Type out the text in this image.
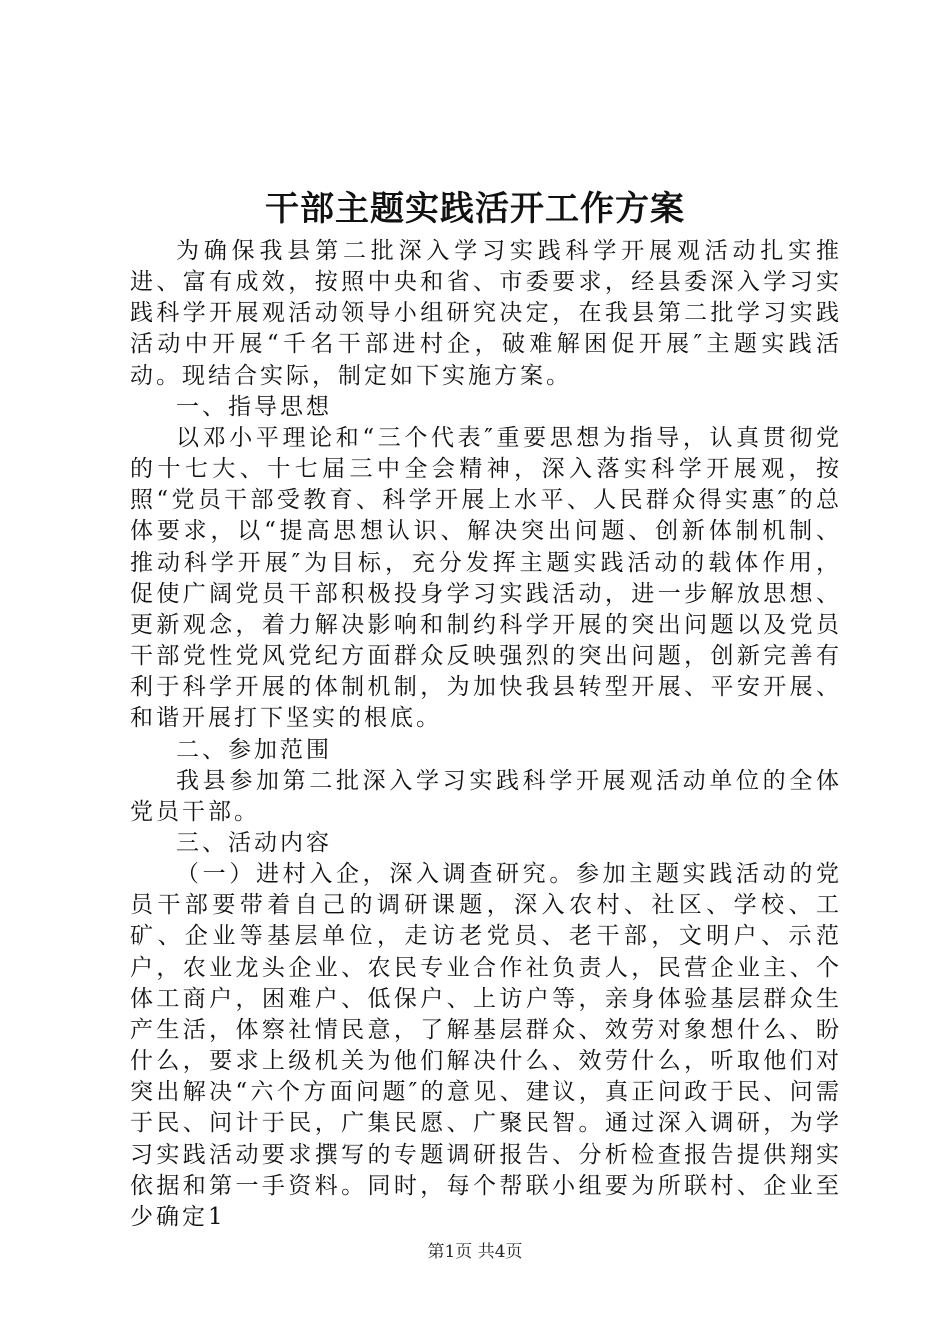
干部主题实践活开工作方案

为确保我县第二批深入学习实践科学开展观活动扎实推进、富有成效，按照中央和省、市委要求，经县委深入学习实践科学开展观活动领导小组研究决定，在我县第二批学习实践活动中开展“千名干部进村企，破难解困促开展″主题实践活动。现结合实际，制定如下实施方案。

一、指导思想

以邓小平理论和“三个代表″重要思想为指导，认真贯彻党的十七大、十七届三中全会精神，深入落实科学开展观，按照“党员干部受教育、科学开展上水平、人民群众得实惠″的总体要求，以“提高思想认识、解决突出问题、创新体制机制、推动科学开展″为目标，充分发挥主题实践活动的载体作用，促使广阔党员干部积极投身学习实践活动，进一步解放思想、更新观念，着力解决影响和制约科学开展的突出问题以及党员干部党性党风党纪方面群众反映强烈的突出问题，创新完善有利于科学开展的体制机制，为加快我县转型开展、平安开展、和谐开展打下坚实的根底。

二、参加范围

我县参加第二批深入学习实践科学开展观活动单位的全体党员干部。

三、活动内容

（一）进村入企，深入调查研究。参加主题实践活动的党员干部要带着自己的调研课题，深入农村、社区、学校、工矿、企业等基层单位，走访老党员、老干部，文明户、示范户，农业龙头企业、农民专业合作社负责人，民营企业主、个体工商户，困难户、低保户、上访户等，亲身体验基层群众生产生活，体察社情民意，了解基层群众、效劳对象想什么、盼什么，要求上级机关为他们解决什么、效劳什么，听取他们对突出解决“六个方面问题″的意见、建议，真正问政于民、问需于民、问计于民，广集民愿、广聚民智。通过深入调研，为学习实践活动要求撰写的专题调研报告、分析检查报告提供翔实依据和第一手资料。同时，每个帮联小组要为所联村、企业至少确定1

第1页 共4页
